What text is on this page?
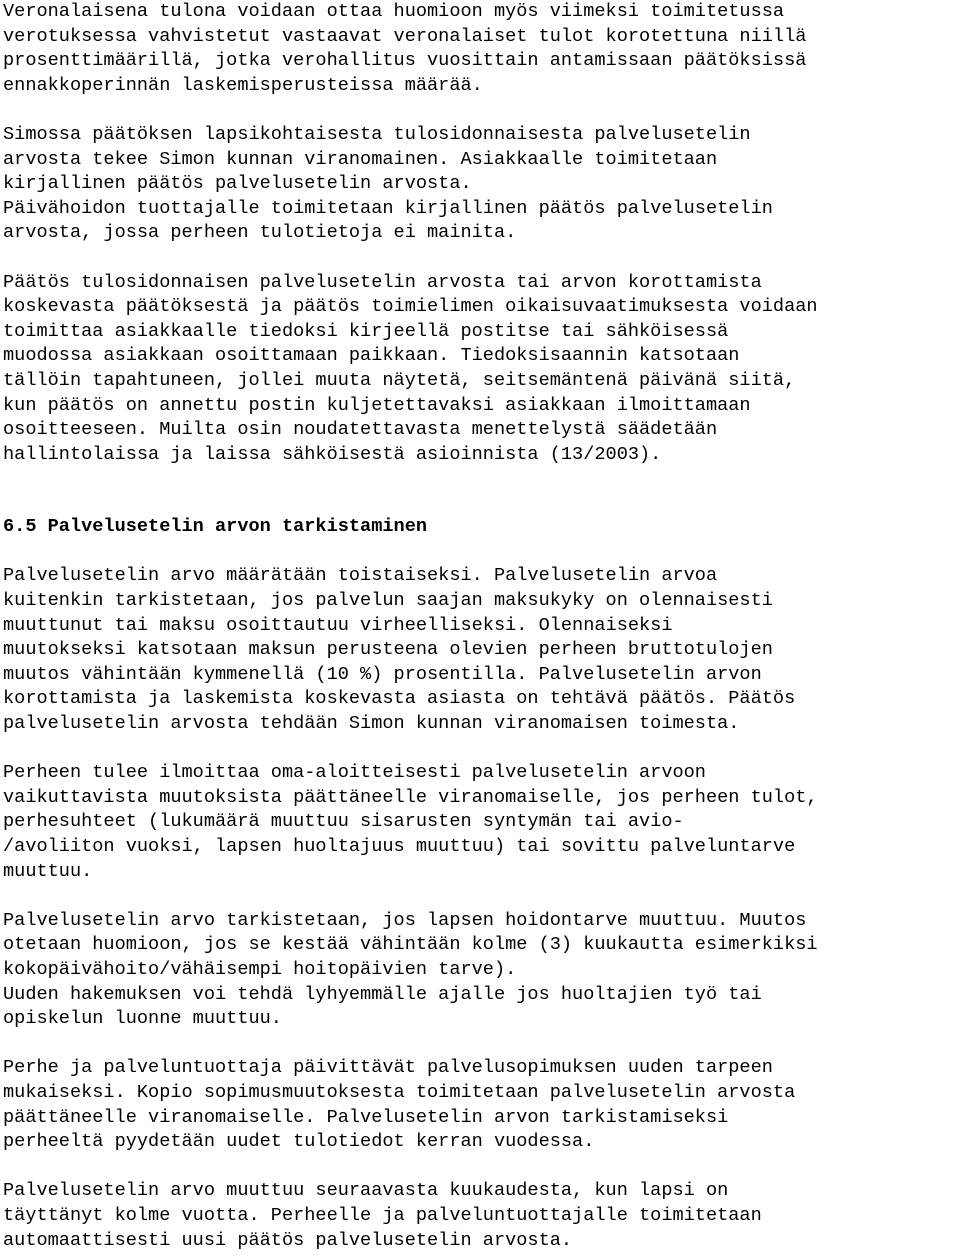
Veronalaisena tulona voidaan ottaa huomioon myös viimeksi toimitetussa
verotuksessa vahvistetut vastaavat veronalaiset tulot korotettuna niillä
prosenttimäärillä, jotka verohallitus vuosittain antamissaan päätöksissä
ennakkoperinnän laskemisperusteissa määrää.
Simossa päätöksen lapsikohtaisesta tulosidonnaisesta palvelusetelin
arvosta tekee Simon kunnan viranomainen. Asiakkaalle toimitetaan
kirjallinen päätös palvelusetelin arvosta.
Päivähoidon tuottajalle toimitetaan kirjallinen päätös palvelusetelin
arvosta, jossa perheen tulotietoja ei mainita.
Päätös tulosidonnaisen palvelusetelin arvosta tai arvon korottamista
koskevasta päätöksestä ja päätös toimielimen oikaisuvaatimuksesta voidaan
toimittaa asiakkaalle tiedoksi kirjeellä postitse tai sähköisessä
muodossa asiakkaan osoittamaan paikkaan. Tiedoksisaannin katsotaan
tällöin tapahtuneen, jollei muuta näytetä, seitsemäntenä päivänä siitä,
kun päätös on annettu postin kuljetettavaksi asiakkaan ilmoittamaan
osoitteeseen. Muilta osin noudatettavasta menettelystä säädetään
hallintolaissa ja laissa sähköisestä asioinnista (13/2003).
6.5 Palvelusetelin arvon tarkistaminen
Palvelusetelin arvo määrätään toistaiseksi. Palvelusetelin arvoa
kuitenkin tarkistetaan, jos palvelun saajan maksukyky on olennaisesti
muuttunut tai maksu osoittautuu virheelliseksi. Olennaiseksi
muutokseksi katsotaan maksun perusteena olevien perheen bruttotulojen
muutos vähintään kymmenellä (10 %) prosentilla. Palvelusetelin arvon
korottamista ja laskemista koskevasta asiasta on tehtävä päätös. Päätös
palvelusetelin arvosta tehdään Simon kunnan viranomaisen toimesta.
Perheen tulee ilmoittaa oma-aloitteisesti palvelusetelin arvoon
vaikuttavista muutoksista päättäneelle viranomaiselle, jos perheen tulot,
perhesuhteet (lukumäärä muuttuu sisarusten syntymän tai avio-
/avoliiton vuoksi, lapsen huoltajuus muuttuu) tai sovittu palveluntarve
muuttuu.
Palvelusetelin arvo tarkistetaan, jos lapsen hoidontarve muuttuu. Muutos
otetaan huomioon, jos se kestää vähintään kolme (3) kuukautta esimerkiksi
kokopäivähoito/vähäisempi hoitopäivien tarve).
Uuden hakemuksen voi tehdä lyhyemmälle ajalle jos huoltajien työ tai
opiskelun luonne muuttuu.
Perhe ja palveluntuottaja päivittävät palvelusopimuksen uuden tarpeen
mukaiseksi. Kopio sopimusmuutoksesta toimitetaan palvelusetelin arvosta
päättäneelle viranomaiselle. Palvelusetelin arvon tarkistamiseksi
perheeltä pyydetään uudet tulotiedot kerran vuodessa.
Palvelusetelin arvo muuttuu seuraavasta kuukaudesta, kun lapsi on
täyttänyt kolme vuotta. Perheelle ja palveluntuottajalle toimitetaan
automaattisesti uusi päätös palvelusetelin arvosta.
